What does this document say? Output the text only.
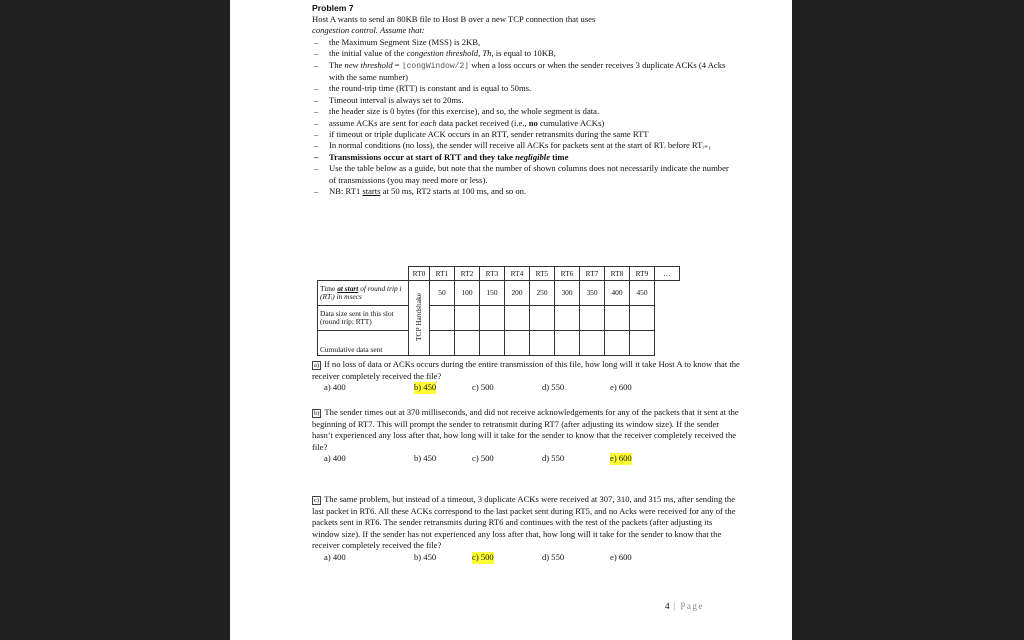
Problem 7
Host A wants to send an 80KB file to Host B over a new TCP connection that uses
congestion control. Assume that:
– the Maximum Segment Size (MSS) is 2KB,
– the initial value of the congestion threshold, Th, is equal to 10KB,
– The new threshold = ⌊congWindow/2⌋ when a loss occurs or when the sender receives 3 duplicate ACKs (4 Acks with the same number)
– the round-trip time (RTT) is constant and is equal to 50ms.
– Timeout interval is always set to 20ms.
– the header size is 0 bytes (for this exercise), and so, the whole segment is data.
– assume ACKs are sent for each data packet received (i.e., no cumulative ACKs)
– if timeout or triple duplicate ACK occurs in an RTT, sender retransmits during the same RTT
– In normal conditions (no loss), the sender will receive all ACKs for packets sent at the start of RTᵢ before RTᵢ₊₁
– Transmissions occur at start of RTT and they take negligible time
– Use the table below as a guide, but note that the number of shown columns does not necessarily indicate the number of transmissions (you may need more or less).
– NB: RT1 starts at 50 ms, RT2 starts at 100 ms, and so on.
	RT0	RT1	RT2	RT3	RT4	RT5	RT6	RT7	RT8	RT9	…
Time at start of round trip i (RTᵢ) in msecs	TCP Handshake	50	100	150	200	250	300	350	400	450	
Data size sent in this slot (round trip: RTT)											
Cumulative data sent											
a) If no loss of data or ACKs occurs during the entire transmission of this file, how long will it take Host A to know that the receiver completely received the file?
a) 400	b) 450	c) 500	d) 550	e) 600
b) The sender times out at 370 milliseconds, and did not receive acknowledgements for any of the packets that it sent at the beginning of RT7. This will prompt the sender to retransmit during RT7 (after adjusting its window size). If the sender hasn’t experienced any loss after that, how long will it take for the sender to know that the receiver completely received the file?
a) 400	b) 450	c) 500	d) 550	e) 600
c) The same problem, but instead of a timeout, 3 duplicate ACKs were received at 307, 310, and 315 ms, after sending the last packet in RT6. All these ACKs correspond to the last packet sent during RT5, and no Acks were received for any of the packets sent in RT6. The sender retransmits during RT6 and continues with the rest of the packets (after adjusting its window size). If the sender has not experienced any loss after that, how long will it take for the sender to know that the receiver completely received the file?
a) 400	b) 450	c) 500	d) 550	e) 600
4 | Page
